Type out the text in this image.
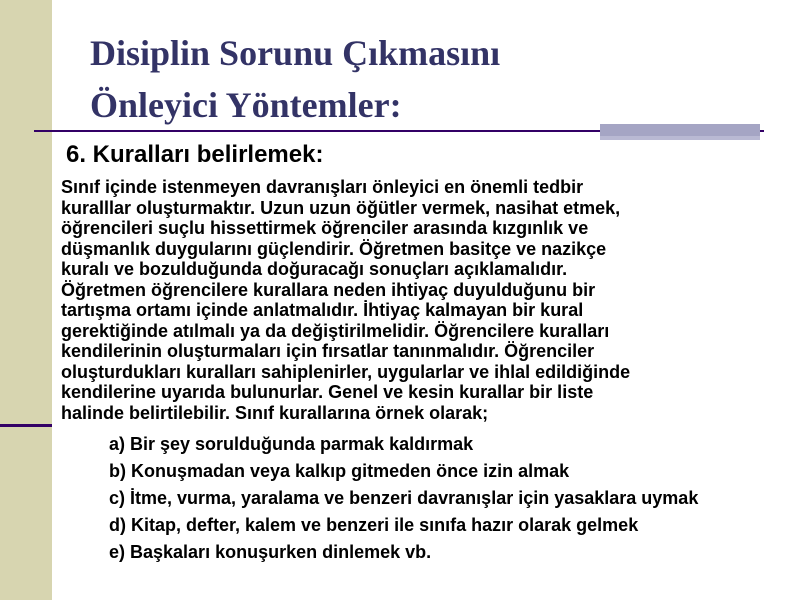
Disiplin Sorunu Çıkmasını
Önleyici Yöntemler:
6. Kuralları belirlemek:
Sınıf içinde istenmeyen davranışları önleyici en önemli tedbir
kuralllar oluşturmaktır. Uzun uzun öğütler vermek, nasihat etmek,
öğrencileri suçlu hissettirmek öğrenciler arasında kızgınlık ve
düşmanlık duygularını güçlendirir. Öğretmen basitçe ve nazikçe
kuralı ve bozulduğunda doğuracağı sonuçları açıklamalıdır.
Öğretmen öğrencilere kurallara neden ihtiyaç duyulduğunu bir
tartışma ortamı içinde anlatmalıdır. İhtiyaç kalmayan bir kural
gerektiğinde atılmalı ya da değiştirilmelidir. Öğrencilere kuralları
kendilerinin oluşturmaları için fırsatlar tanınmalıdır. Öğrenciler
oluşturdukları kuralları sahiplenirler, uygularlar ve ihlal edildiğinde
kendilerine uyarıda bulunurlar. Genel ve kesin kurallar bir liste
halinde belirtilebilir. Sınıf kurallarına örnek olarak;
a) Bir şey sorulduğunda parmak kaldırmak
b) Konuşmadan veya kalkıp gitmeden önce izin almak
c) İtme, vurma, yaralama ve benzeri davranışlar için yasaklara uymak
d) Kitap, defter, kalem ve benzeri ile sınıfa hazır olarak gelmek
e) Başkaları konuşurken dinlemek vb.
